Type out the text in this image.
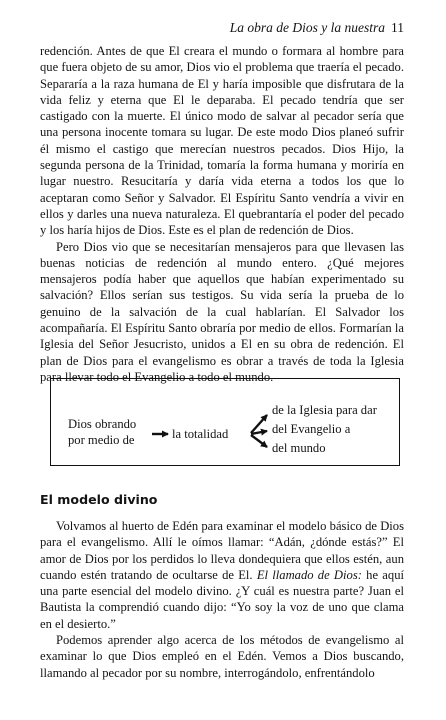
La obra de Dios y la nuestra 11

redención. Antes de que El creara el mundo o formara al hombre para que fuera objeto de su amor, Dios vio el problema que traería el pecado. Separaría a la raza humana de El y haría imposible que disfrutara de la vida feliz y eterna que El le deparaba. El pecado tendría que ser castigado con la muerte. El único modo de salvar al pecador sería que una persona inocente tomara su lugar. De este modo Dios planeó sufrir él mismo el castigo que merecían nuestros pecados. Dios Hijo, la segunda persona de la Trinidad, tomaría la forma humana y moriría en lugar nuestro. Resucitaría y daría vida eterna a todos los que lo aceptaran como Señor y Salvador. El Espíritu Santo vendría a vivir en ellos y darles una nueva naturaleza. El quebrantaría el poder del pecado y los haría hijos de Dios. Este es el plan de redención de Dios.

Pero Dios vio que se necesitarían mensajeros para que llevasen las buenas noticias de redención al mundo entero. ¿Qué mejores mensajeros podía haber que aquellos que habían experimentado su salvación? Ellos serían sus testigos. Su vida sería la prueba de lo genuino de la salvación de la cual hablarían. El Salvador los acompañaría. El Espíritu Santo obraría por medio de ellos. Formarían la Iglesia del Señor Jesucristo, unidos a El en su obra de redención. El plan de Dios para el evangelismo es obrar a través de toda la Iglesia para llevar todo el Evangelio a todo el mundo.

Dios obrando
por medio de	la totalidad
de la Iglesia para dar
del Evangelio a
del mundo
El modelo divino

Volvamos al huerto de Edén para examinar el modelo básico de Dios para el evangelismo. Allí le oímos llamar: “Adán, ¿dónde estás?” El amor de Dios por los perdidos lo lleva dondequiera que ellos estén, aun cuando estén tratando de ocultarse de El. El llamado de Dios: he aquí una parte esencial del modelo divino. ¿Y cuál es nuestra parte? Juan el Bautista la comprendió cuando dijo: “Yo soy la voz de uno que clama en el desierto.”

Podemos aprender algo acerca de los métodos de evangelismo al examinar lo que Dios empleó en el Edén. Vemos a Dios buscando, llamando al pecador por su nombre, interrogándolo, enfrentándolo
